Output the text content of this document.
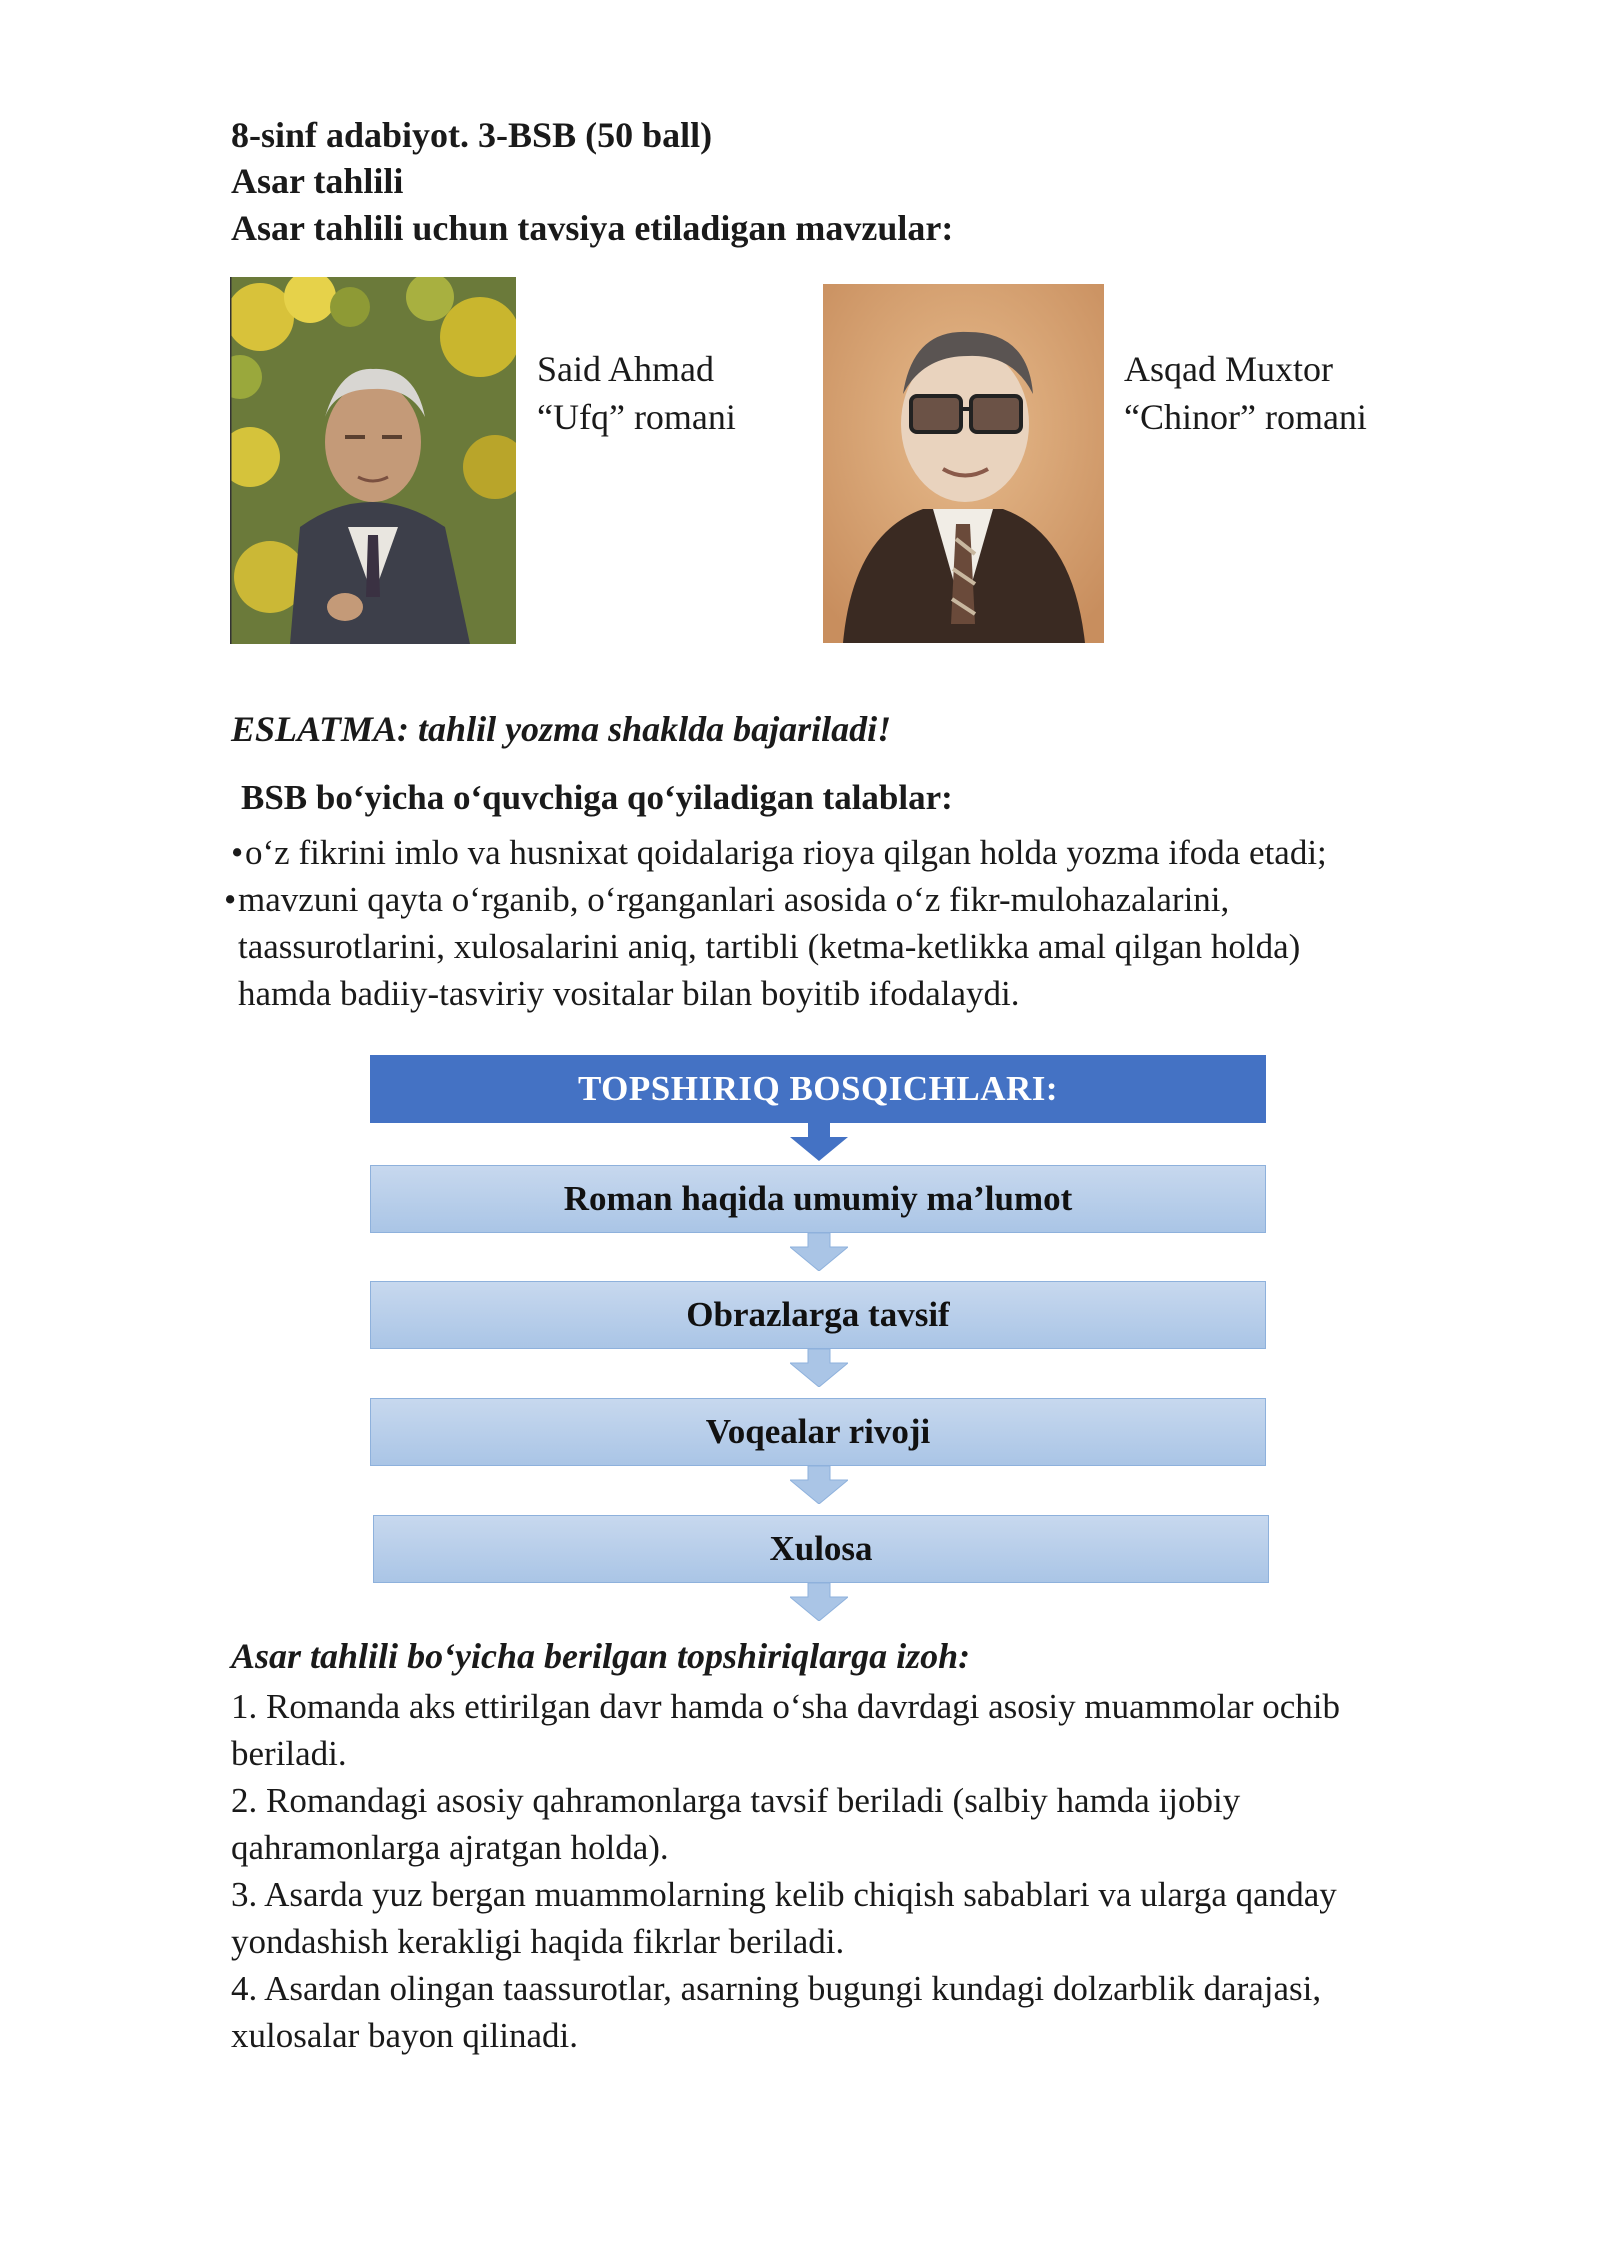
8-sinf adabiyot. 3-BSB (50 ball)
Asar tahlili
Asar tahlili uchun tavsiya etiladigan mavzular:
Said Ahmad
“Ufq” romani
Asqad Muxtor
“Chinor” romani
ESLATMA: tahlil yozma shaklda bajariladi!
BSB bo‘yicha o‘quvchiga qo‘yiladigan talablar:
• o‘z fikrini imlo va husnixat qoidalariga rioya qilgan holda yozma ifoda etadi;
• mavzuni qayta o‘rganib, o‘rganganlari asosida o‘z fikr-mulohazalarini,
taassurotlarini, xulosalarini aniq, tartibli (ketma-ketlikka amal qilgan holda)
hamda badiiy-tasviriy vositalar bilan boyitib ifodalaydi.
TOPSHIRIQ BOSQICHLARI:
Roman haqida umumiy ma’lumot
Obrazlarga tavsif
Voqealar rivoji
Xulosa
Asar tahlili bo‘yicha berilgan topshiriqlarga izoh:
1. Romanda aks ettirilgan davr hamda o‘sha davrdagi asosiy muammolar ochib
beriladi.
2. Romandagi asosiy qahramonlarga tavsif beriladi (salbiy hamda ijobiy
qahramonlarga ajratgan holda).
3. Asarda yuz bergan muammolarning kelib chiqish sabablari va ularga qanday
yondashish kerakligi haqida fikrlar beriladi.
4. Asardan olingan taassurotlar, asarning bugungi kundagi dolzarblik darajasi,
xulosalar bayon qilinadi.
